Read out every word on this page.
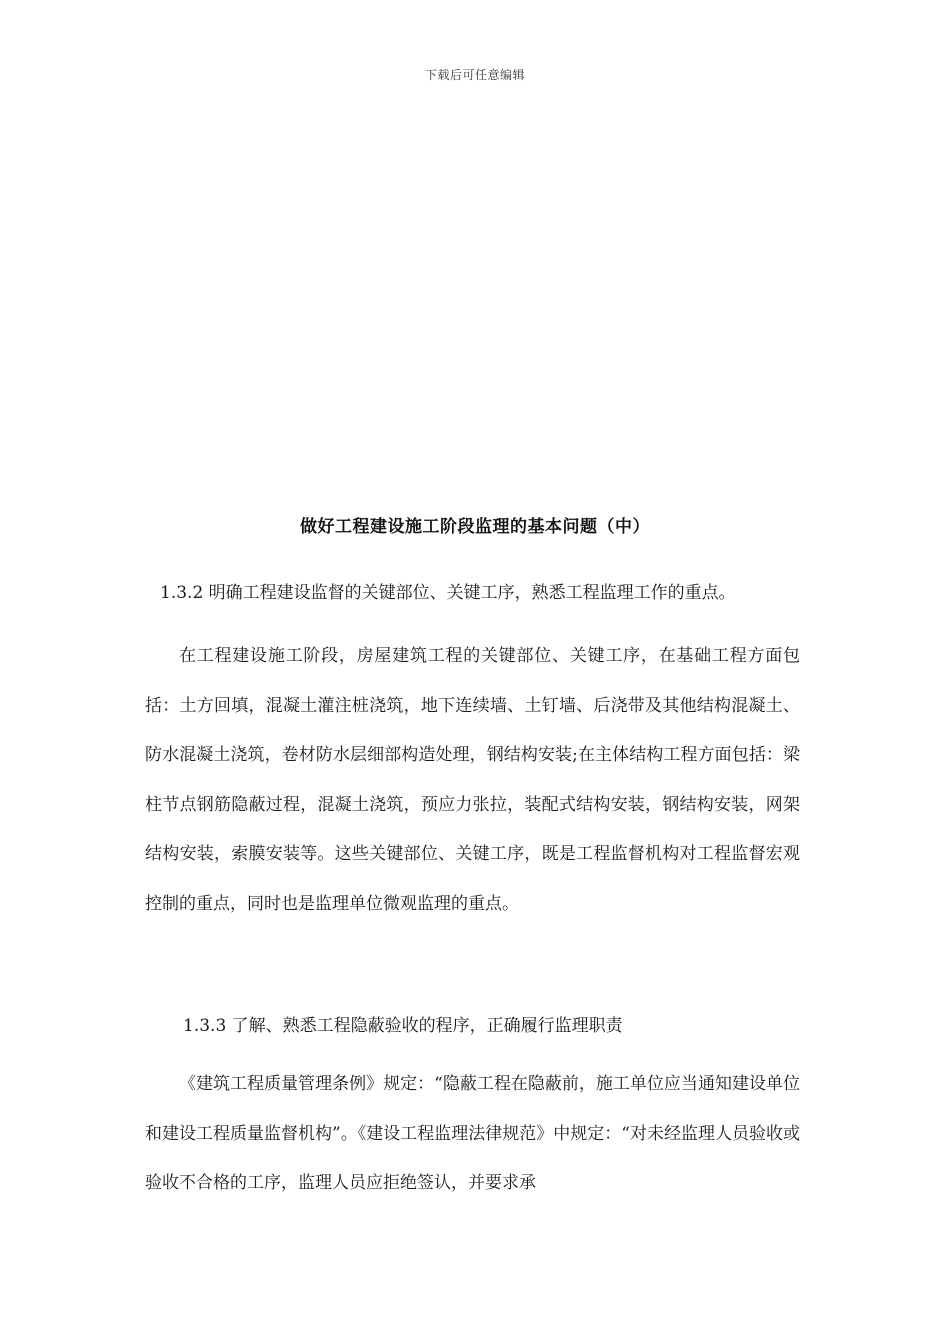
下载后可任意编辑
做好工程建设施工阶段监理的基本问题（中）
1.3.2 明确工程建设监督的关键部位、关键工序，熟悉工程监理工作的重点。

在工程建设施工阶段，房屋建筑工程的关键部位、关键工序，在基础工程方面包括：土方回填，混凝土灌注桩浇筑，地下连续墙、土钉墙、后浇带及其他结构混凝土、防水混凝土浇筑，卷材防水层细部构造处理，钢结构安装;在主体结构工程方面包括：梁柱节点钢筋隐蔽过程，混凝土浇筑，预应力张拉，装配式结构安装，钢结构安装，网架结构安装，索膜安装等。这些关键部位、关键工序，既是工程监督机构对工程监督宏观控制的重点，同时也是监理单位微观监理的重点。

1.3.3 了解、熟悉工程隐蔽验收的程序，正确履行监理职责

《建筑工程质量管理条例》规定：“隐蔽工程在隐蔽前，施工单位应当通知建设单位和建设工程质量监督机构”。《建设工程监理法律规范》中规定：“对未经监理人员验收或验收不合格的工序，监理人员应拒绝签认，并要求承
